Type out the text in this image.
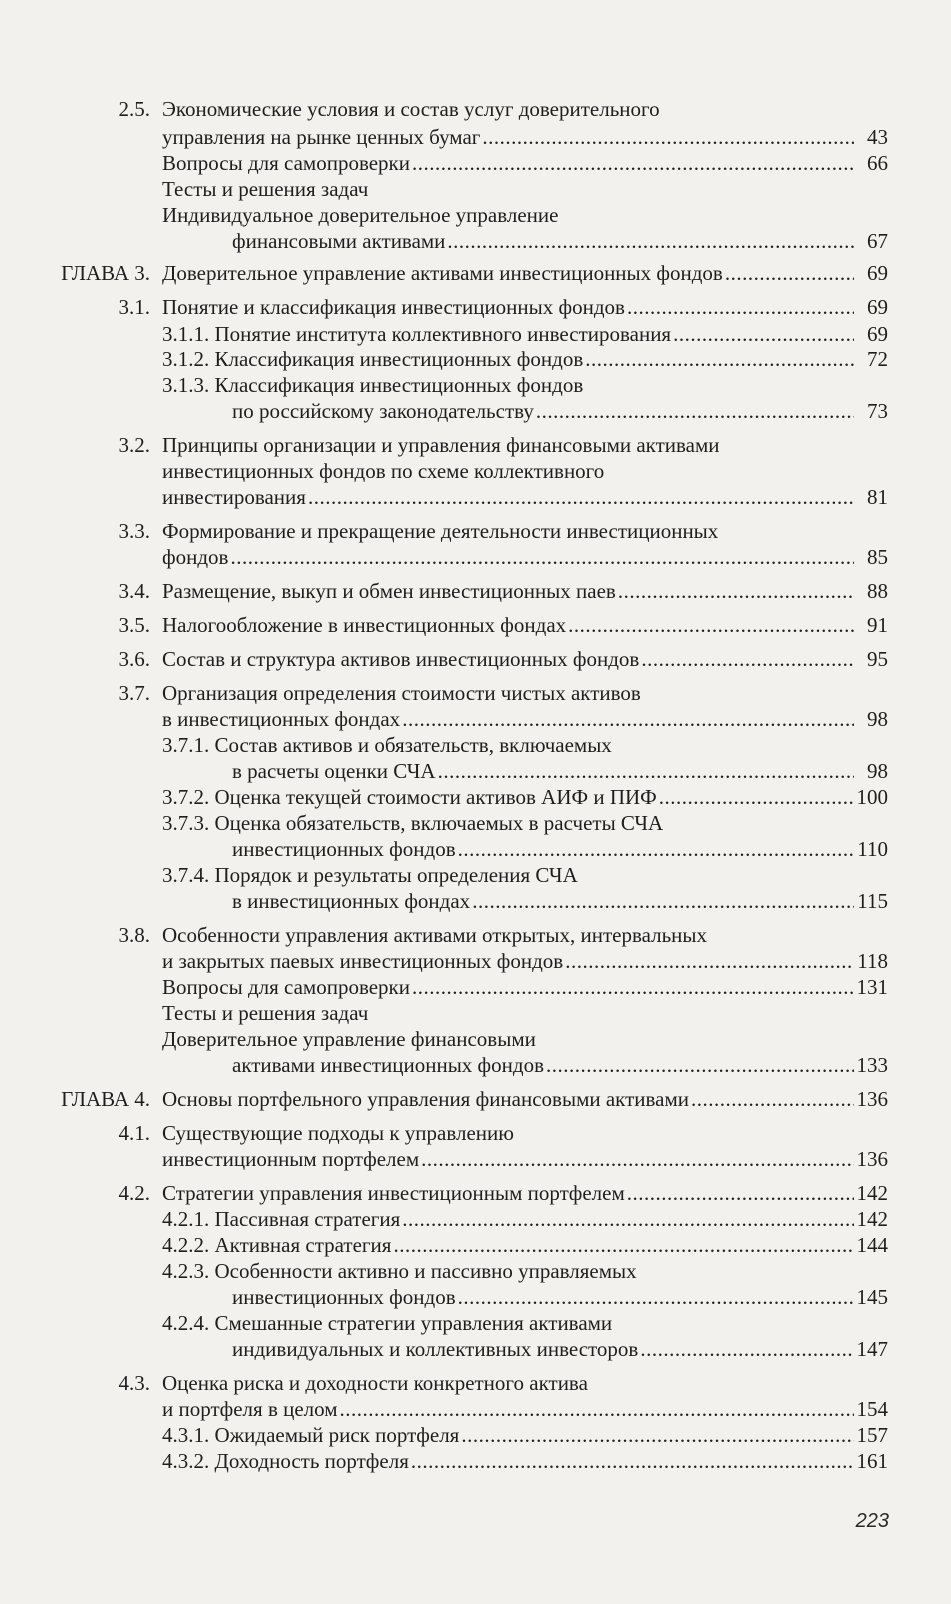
2.5. Экономические условия и состав услуг доверительного
управления на рынке ценных бумаг .....	43
Вопросы для самопроверки .....	66
Тесты и решения задач
Индивидуальное доверительное управление
финансовыми активами .....	67
ГЛАВА 3. Доверительное управление активами инвестиционных фондов .....	69
3.1. Понятие и классификация инвестиционных фондов .....	69
3.1.1. Понятие института коллективного инвестирования .....	69
3.1.2. Классификация инвестиционных фондов .....	72
3.1.3. Классификация инвестиционных фондов
по российскому законодательству .....	73
3.2. Принципы организации и управления финансовыми активами
инвестиционных фондов по схеме коллективного
инвестирования .....	81
3.3. Формирование и прекращение деятельности инвестиционных
фондов .....	85
3.4. Размещение, выкуп и обмен инвестиционных паев .....	88
3.5. Налогообложение в инвестиционных фондах .....	91
3.6. Состав и структура активов инвестиционных фондов .....	95
3.7. Организация определения стоимости чистых активов
в инвестиционных фондах .....	98
3.7.1. Состав активов и обязательств, включаемых
в расчеты оценки СЧА .....	98
3.7.2. Оценка текущей стоимости активов АИФ и ПИФ .....	100
3.7.3. Оценка обязательств, включаемых в расчеты СЧА
инвестиционных фондов .....	110
3.7.4. Порядок и результаты определения СЧА
в инвестиционных фондах .....	115
3.8. Особенности управления активами открытых, интервальных
и закрытых паевых инвестиционных фондов .....	118
Вопросы для самопроверки .....	131
Тесты и решения задач
Доверительное управление финансовыми
активами инвестиционных фондов .....	133
ГЛАВА 4. Основы портфельного управления финансовыми активами .....	136
4.1. Существующие подходы к управлению
инвестиционным портфелем .....	136
4.2. Стратегии управления инвестиционным портфелем .....	142
4.2.1. Пассивная стратегия .....	142
4.2.2. Активная стратегия .....	144
4.2.3. Особенности активно и пассивно управляемых
инвестиционных фондов .....	145
4.2.4. Смешанные стратегии управления активами
индивидуальных и коллективных инвесторов .....	147
4.3. Оценка риска и доходности конкретного актива
и портфеля в целом .....	154
4.3.1. Ожидаемый риск портфеля .....	157
4.3.2. Доходность портфеля .....	161
223
